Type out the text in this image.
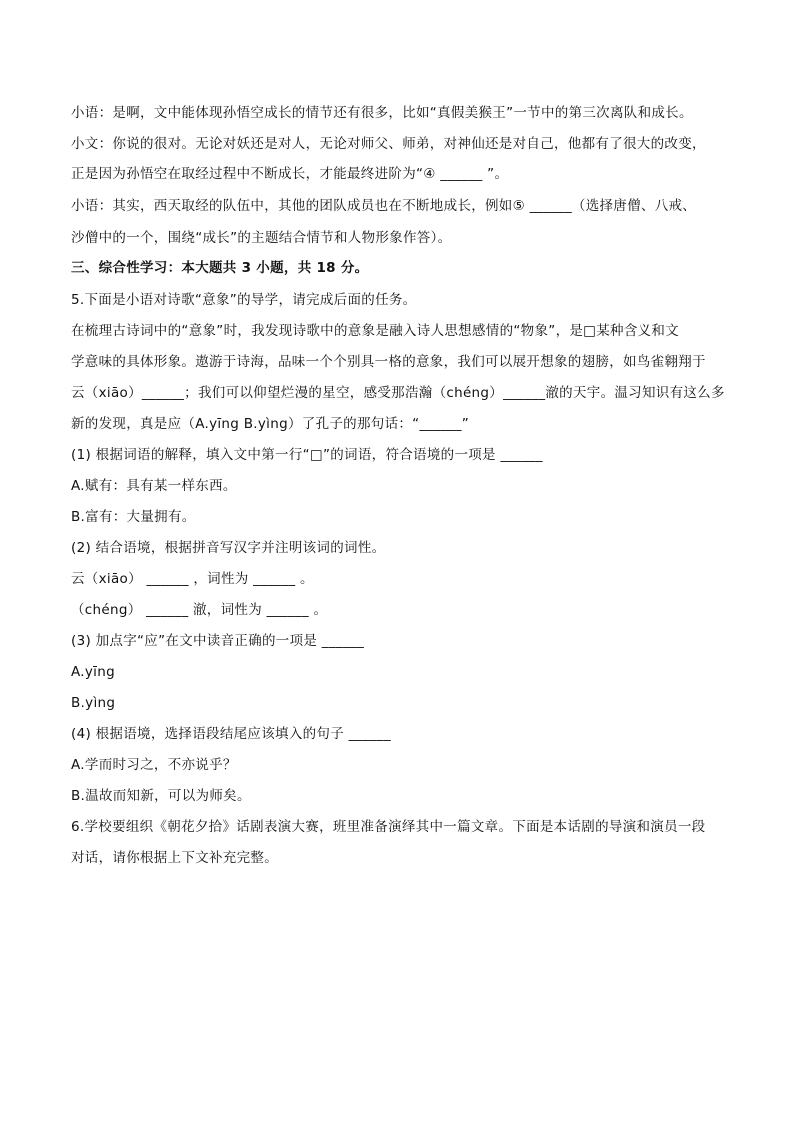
小语：是啊，文中能体现孙悟空成长的情节还有很多，比如“真假美猴王”一节中的第三次离队和成长。
小文：你说的很对。无论对妖还是对人，无论对师父、师弟，对神仙还是对自己，他都有了很大的改变，
正是因为孙悟空在取经过程中不断成长，才能最终进阶为“④ ______ ”。
小语：其实，西天取经的队伍中，其他的团队成员也在不断地成长，例如⑤ ______（选择唐僧、八戒、
沙僧中的一个，围绕“成长”的主题结合情节和人物形象作答）。
三、综合性学习：本大题共 3 小题，共 18 分。
5.下面是小语对诗歌“意象”的导学，请完成后面的任务。
在梳理古诗词中的“意象”时，我发现诗歌中的意象是融入诗人思想感情的“物象”，是□某种含义和文
学意味的具体形象。遨游于诗海，品味一个个别具一格的意象，我们可以展开想象的翅膀，如鸟雀翱翔于
云（xiāo）______；我们可以仰望烂漫的星空，感受那浩瀚（chéng）______澈的天宇。温习知识有这么多
新的发现，真是应（A.yīng B.yìng）了孔子的那句话：“______”
(1) 根据词语的解释，填入文中第一行“□”的词语，符合语境的一项是 ______
A.赋有：具有某一样东西。
B.富有：大量拥有。
(2) 结合语境，根据拼音写汉字并注明该词的词性。
云（xiāo） ______ ，词性为 ______ 。
（chéng） ______ 澈，词性为 ______ 。
(3) 加点字“应”在文中读音正确的一项是 ______
A.yīng
B.yìng
(4) 根据语境，选择语段结尾应该填入的句子 ______
A.学而时习之，不亦说乎？
B.温故而知新，可以为师矣。
6.学校要组织《朝花夕拾》话剧表演大赛，班里准备演绎其中一篇文章。下面是本话剧的导演和演员一段
对话，请你根据上下文补充完整。
